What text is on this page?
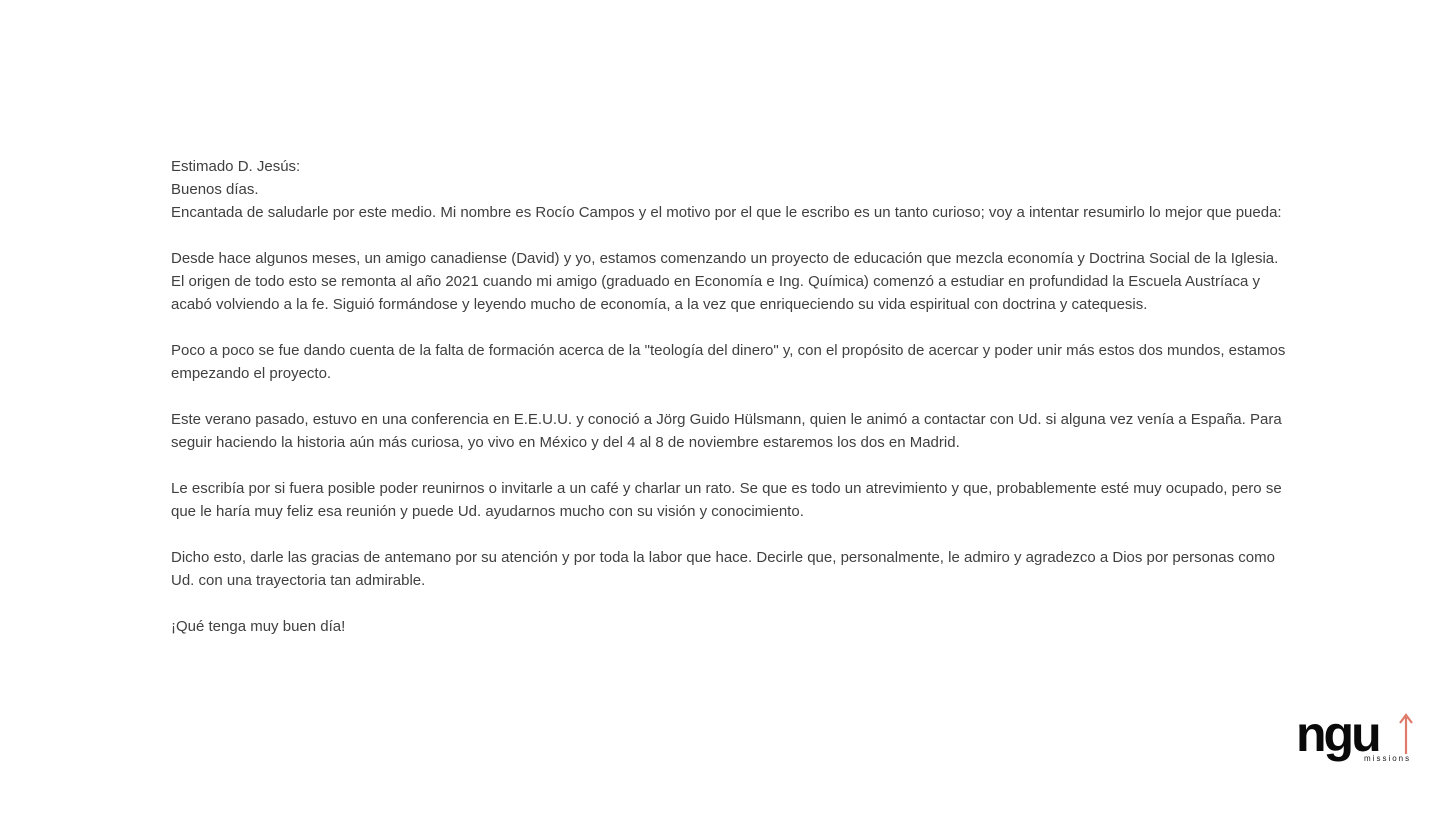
Estimado D. Jesús:

Buenos días.

Encantada de saludarle por este medio. Mi nombre es Rocío Campos y el motivo por el que le escribo es un tanto curioso; voy a intentar resumirlo lo mejor que pueda:

Desde hace algunos meses, un amigo canadiense (David) y yo, estamos comenzando un proyecto de educación que mezcla economía y Doctrina Social de la Iglesia. El origen de todo esto se remonta al año 2021 cuando mi amigo (graduado en Economía e Ing. Química) comenzó a estudiar en profundidad la Escuela Austríaca y acabó volviendo a la fe. Siguió formándose y leyendo mucho de economía, a la vez que enriqueciendo su vida espiritual con doctrina y catequesis.

Poco a poco se fue dando cuenta de la falta de formación acerca de la "teología del dinero" y, con el propósito de acercar y poder unir más estos dos mundos, estamos empezando el proyecto.

Este verano pasado, estuvo en una conferencia en E.E.U.U. y conoció a Jörg Guido Hülsmann, quien le animó a contactar con Ud. si alguna vez venía a España. Para seguir haciendo la historia aún más curiosa, yo vivo en México y del 4 al 8 de noviembre estaremos los dos en Madrid.

Le escribía por si fuera posible poder reunirnos o invitarle a un café y charlar un rato. Se que es todo un atrevimiento y que, probablemente esté muy ocupado, pero se que le haría muy feliz esa reunión y puede Ud. ayudarnos mucho con su visión y conocimiento.

Dicho esto, darle las gracias de antemano por su atención y por toda la labor que hace. Decirle que, personalmente, le admiro y agradezco a Dios por personas como Ud. con una trayectoria tan admirable.

¡Qué tenga muy buen día!

ngu
missions
